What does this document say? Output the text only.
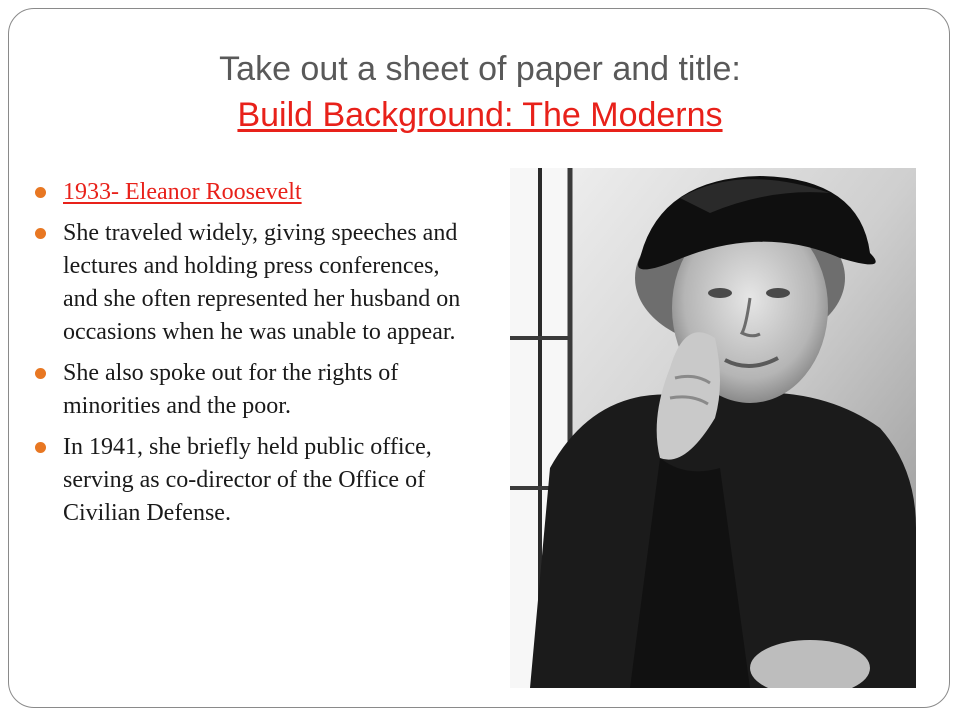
Take out a sheet of paper and title:
Build Background: The Moderns
1933- Eleanor Roosevelt
She traveled widely, giving speeches and lectures and holding press conferences, and she often represented her husband on occasions when he was unable to appear.
She also spoke out for the rights of minorities and the poor.
In 1941, she briefly held public office, serving as co-director of the Office of Civilian Defense.
